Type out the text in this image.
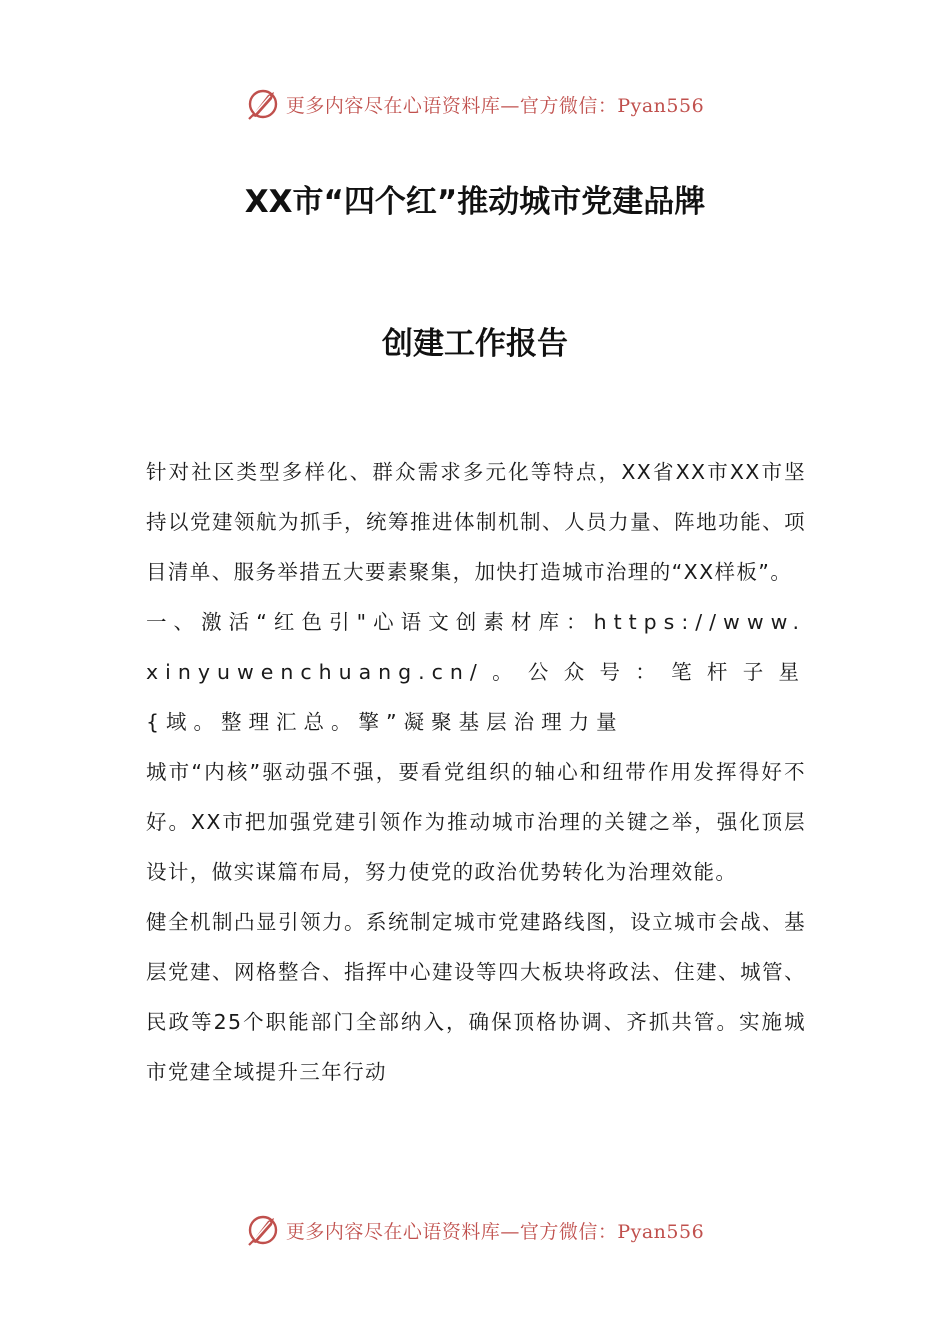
更多内容尽在心语资料库—官方微信：Pyan556
XX市“四个红”推动城市党建品牌
创建工作报告

针对社区类型多样化、群众需求多元化等特点，XX省XX市XX市坚持以党建领航为抓手，统筹推进体制机制、人员力量、阵地功能、项目清单、服务举措五大要素聚集，加快打造城市治理的“XX样板”。

一、激活“红色引"心语文创素材库：https://www.xinyuwenchuang.cn/。公众号：笔杆子星{域。整理汇总。擎”凝聚基层治理力量

城市“内核”驱动强不强，要看党组织的轴心和纽带作用发挥得好不好。XX市把加强党建引领作为推动城市治理的关键之举，强化顶层设计，做实谋篇布局，努力使党的政治优势转化为治理效能。

健全机制凸显引领力。系统制定城市党建路线图，设立城市会战、基层党建、网格整合、指挥中心建设等四大板块将政法、住建、城管、民政等25个职能部门全部纳入，确保顶格协调、齐抓共管。实施城市党建全域提升三年行动

更多内容尽在心语资料库—官方微信：Pyan556
